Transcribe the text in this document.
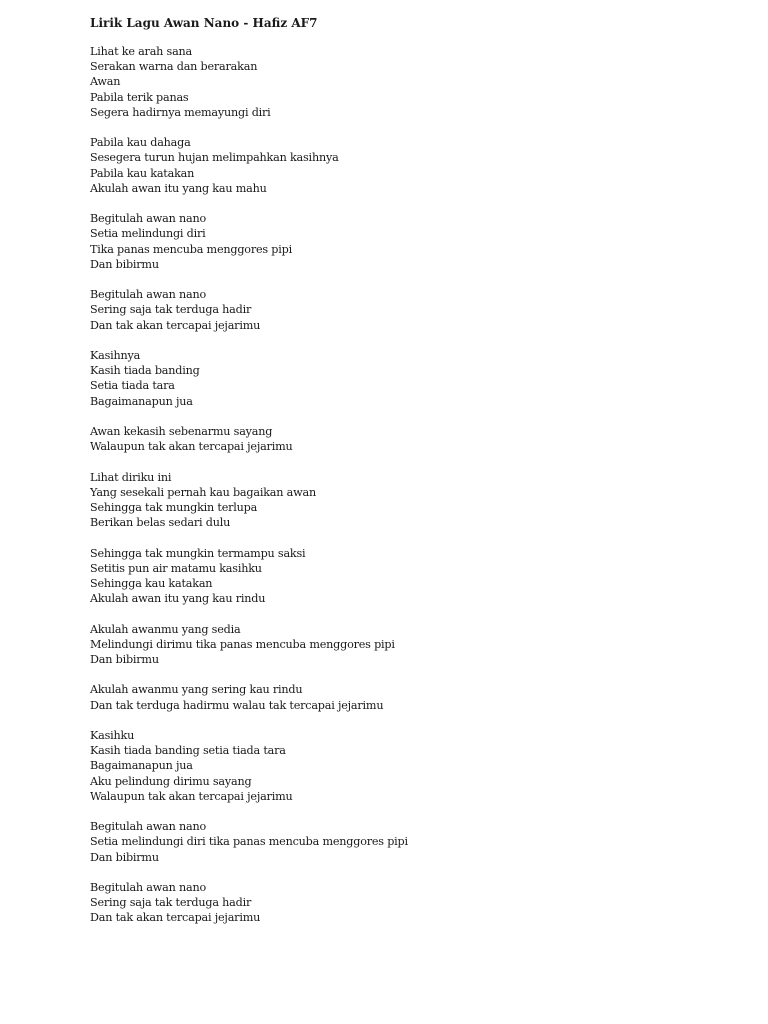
Lirik Lagu Awan Nano - Hafiz AF7
Lihat ke arah sana
Serakan warna dan berarakan
Awan
Pabila terik panas
Segera hadirnya memayungi diri
Pabila kau dahaga
Sesegera turun hujan melimpahkan kasihnya
Pabila kau katakan
Akulah awan itu yang kau mahu
Begitulah awan nano
Setia melindungi diri
Tika panas mencuba menggores pipi
Dan bibirmu
Begitulah awan nano
Sering saja tak terduga hadir
Dan tak akan tercapai jejarimu
Kasihnya
Kasih tiada banding
Setia tiada tara
Bagaimanapun jua
Awan kekasih sebenarmu sayang
Walaupun tak akan tercapai jejarimu
Lihat diriku ini
Yang sesekali pernah kau bagaikan awan
Sehingga tak mungkin terlupa
Berikan belas sedari dulu
Sehingga tak mungkin termampu saksi
Setitis pun air matamu kasihku
Sehingga kau katakan
Akulah awan itu yang kau rindu
Akulah awanmu yang sedia
Melindungi dirimu tika panas mencuba menggores pipi
Dan bibirmu
Akulah awanmu yang sering kau rindu
Dan tak terduga hadirmu walau tak tercapai jejarimu
Kasihku
Kasih tiada banding setia tiada tara
Bagaimanapun jua
Aku pelindung dirimu sayang
Walaupun tak akan tercapai jejarimu
Begitulah awan nano
Setia melindungi diri tika panas mencuba menggores pipi
Dan bibirmu
Begitulah awan nano
Sering saja tak terduga hadir
Dan tak akan tercapai jejarimu
